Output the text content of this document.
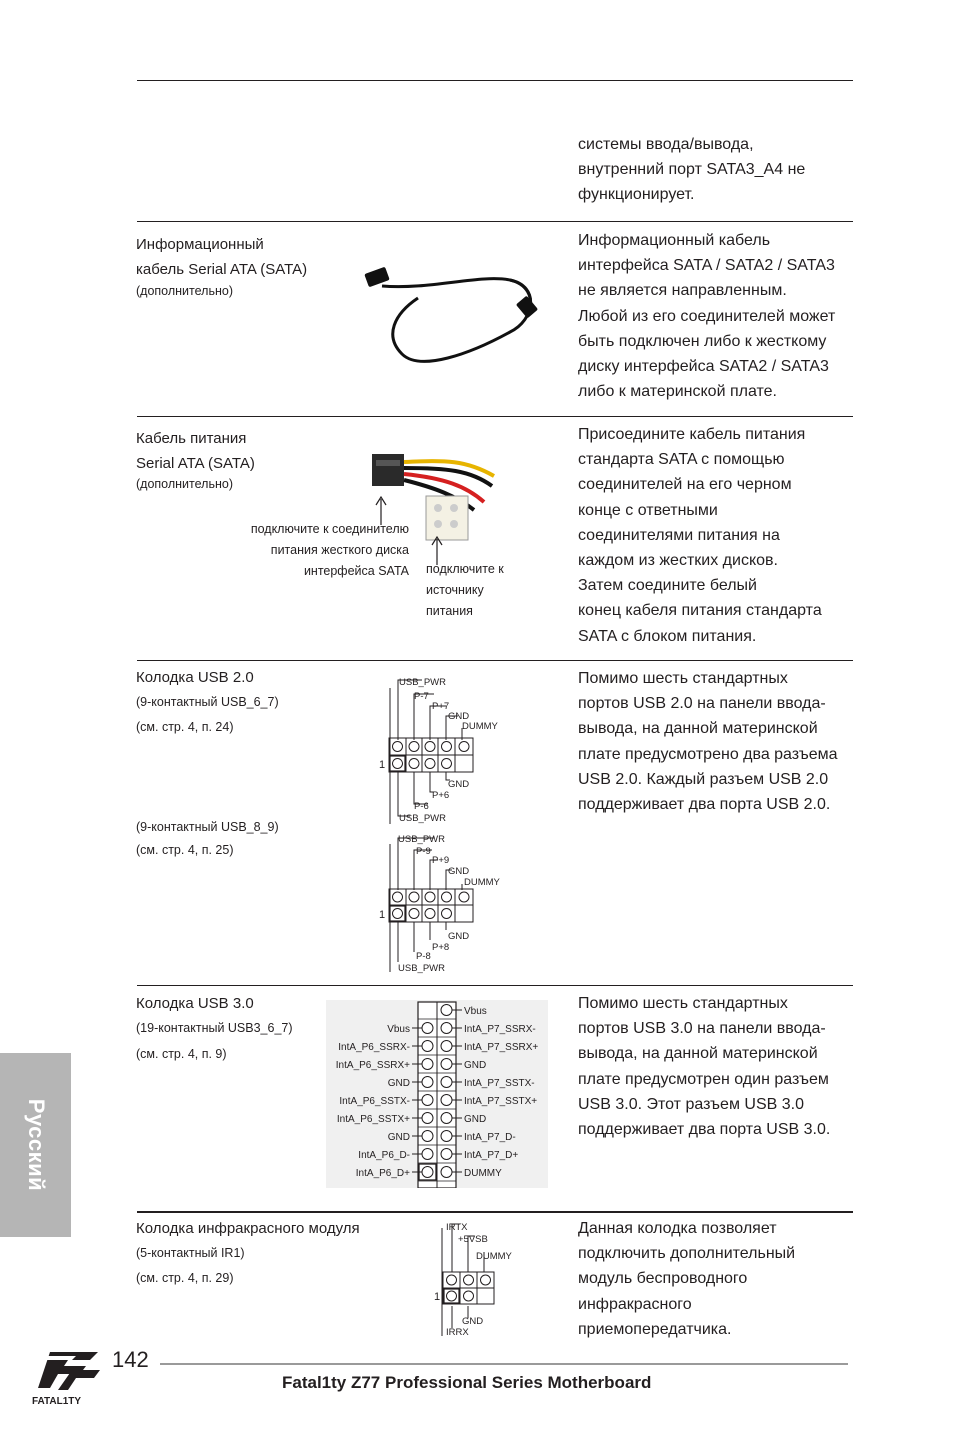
системы ввода/вывода,
внутренний порт SATA3_A4 не
функционирует.
Информационный
кабель Serial ATA (SATA)
(дополнительно)
Информационный кабель
интерфейса SATA / SATA2 / SATA3
не является направленным.
Любой из его соединителей может
быть подключен либо к жесткому
диску интерфейса SATA2 / SATA3
либо к материнской плате.
Кабель питания
Serial ATA (SATA)
(дополнительно)
подключите к соединителю
питания жесткого диска
интерфейса SATA подключите к
источнику
питания
Присоедините кабель питания
стандарта SATA с помощью
соединителей на его черном
конце с ответными
соединителями питания на
каждом из жестких дисков.
Затем соедините белый
конец кабеля питания стандарта
SATA с блоком питания.
Колодка USB 2.0
(9-контактный USB_6_7)
(см. стр. 4, п. 24)
(9-контактный USB_8_9)
(см. стр. 4, п. 25)
USB_PWR
P-7
P+7
GND
DUMMY
GND
P+6
P-6
USB_PWR
1
USB_PWR
P-9
P+9
GND
DUMMY
GND
P+8
P-8
USB_PWR
1
Помимо шесть стандартных
портов USB 2.0 на панели ввода-
вывода, на данной материнской
плате предусмотрено два разъема
USB 2.0. Каждый разъем USB 2.0
поддерживает два порта USB 2.0.
Колодка USB 3.0
(19-контактный USB3_6_7)
(см. стр. 4, п. 9)
Vbus
IntA_P6_SSRX-
IntA_P6_SSRX+
GND
IntA_P6_SSTX-
IntA_P6_SSTX+
GND
IntA_P6_D-
IntA_P6_D+
Vbus
IntA_P7_SSRX-
IntA_P7_SSRX+
GND
IntA_P7_SSTX-
IntA_P7_SSTX+
GND
IntA_P7_D-
IntA_P7_D+
DUMMY
Помимо шесть стандартных
портов USB 3.0 на панели ввода-
вывода, на данной материнской
плате предусмотрен один разъем
USB 3.0. Этот разъем USB 3.0
поддерживает два порта USB 3.0.
Колодка инфракрасного модуля
(5-контактный IR1)
(см. стр. 4, п. 29)
IRTX
+5VSB
DUMMY
GND
IRRX
1
Данная колодка позволяет
подключить дополнительный
модуль беспроводного
инфракрасного
приемопередатчика.
Русский
FATAL1TY
142
Fatal1ty Z77 Professional Series Motherboard
